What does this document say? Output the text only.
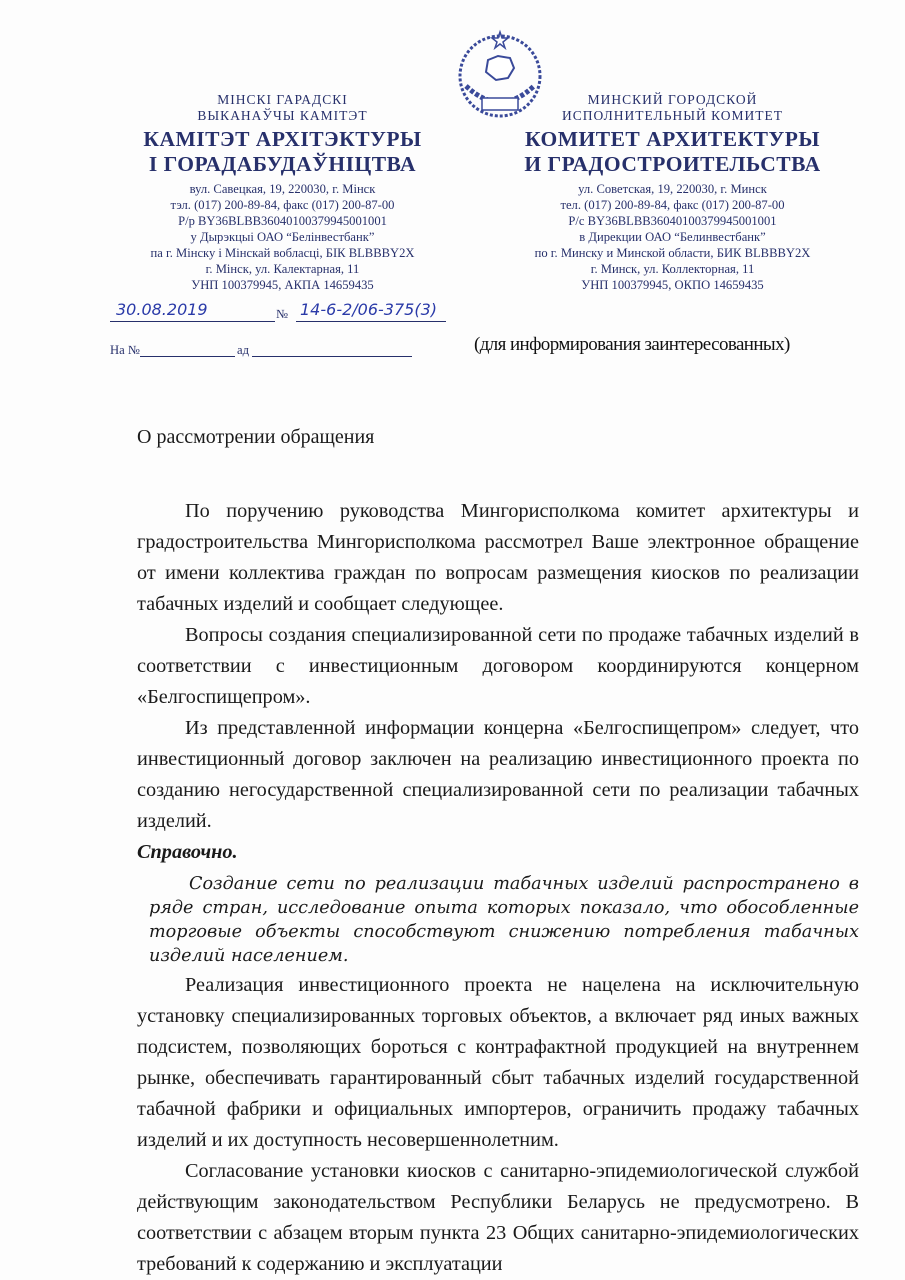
МІНСКІ ГАРАДСКІ
ВЫКАНАЎЧЫ КАМІТЭТ
КАМІТЭТ АРХІТЭКТУРЫ
І ГОРАДАБУДАЎНІЦТВА
вул. Савецкая, 19, 220030, г. Мінск
тэл. (017) 200-89-84, факс (017) 200-87-00
Р/р BY36BLBB36040100379945001001
у Дырэкцыі ОАО “Белінвестбанк”
па г. Мінску і Мінскай вобласці, БІК BLBBBY2X
г. Мінск, ул. Калектарная, 11
УНП 100379945, АКПА 14659435
МИНСКИЙ ГОРОДСКОЙ
ИСПОЛНИТЕЛЬНЫЙ КОМИТЕТ
КОМИТЕТ АРХИТЕКТУРЫ
И ГРАДОСТРОИТЕЛЬСТВА
ул. Советская, 19, 220030, г. Минск
тел. (017) 200-89-84, факс (017) 200-87-00
Р/с BY36BLBB36040100379945001001
в Дирекции ОАО “Белинвестбанк”
по г. Минску и Минской области, БИК BLBBBY2X
г. Минск, ул. Коллекторная, 11
УНП 100379945, ОКПО 14659435
30.08.2019	№ 14-6-2/06-375(3)
На №	ад	(для информирования заинтересованных)
О рассмотрении обращения

По поручению руководства Мингорисполкома комитет архитектуры и градостроительства Мингорисполкома рассмотрел Ваше электронное обращение от имени коллектива граждан по вопросам размещения киосков по реализации табачных изделий и сообщает следующее.

Вопросы создания специализированной сети по продаже табачных изделий в соответствии с инвестиционным договором координируются концерном «Белгоспищепром».

Из представленной информации концерна «Белгоспищепром» следует, что инвестиционный договор заключен на реализацию инвестиционного проекта по созданию негосударственной специализированной сети по реализации табачных изделий.

Справочно.

Создание сети по реализации табачных изделий распространено в ряде стран, исследование опыта которых показало, что обособленные торговые объекты способствуют снижению потребления табачных изделий населением.

Реализация инвестиционного проекта не нацелена на исключительную установку специализированных торговых объектов, а включает ряд иных важных подсистем, позволяющих бороться с контрафактной продукцией на внутреннем рынке, обеспечивать гарантированный сбыт табачных изделий государственной табачной фабрики и официальных импортеров, ограничить продажу табачных изделий и их доступность несовершеннолетним.

Согласование установки киосков с санитарно-эпидемиологической службой действующим законодательством Республики Беларусь не предусмотрено. В соответствии с абзацем вторым пункта 23 Общих санитарно-эпидемиологических требований к содержанию и эксплуатации
